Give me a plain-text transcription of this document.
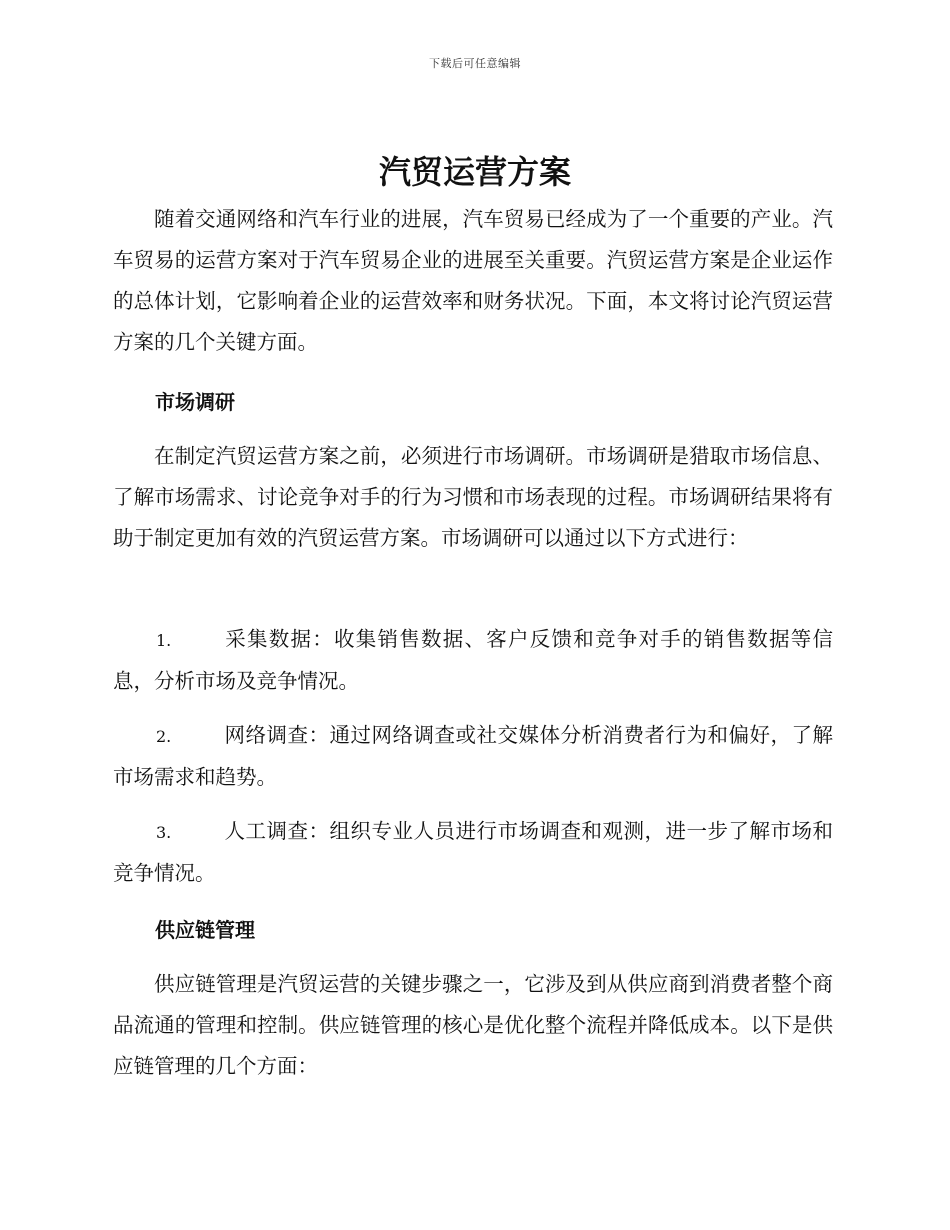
下载后可任意编辑
汽贸运营方案

随着交通网络和汽车行业的进展，汽车贸易已经成为了一个重要的产业。汽车贸易的运营方案对于汽车贸易企业的进展至关重要。汽贸运营方案是企业运作的总体计划，它影响着企业的运营效率和财务状况。下面，本文将讨论汽贸运营方案的几个关键方面。

市场调研

在制定汽贸运营方案之前，必须进行市场调研。市场调研是猎取市场信息、了解市场需求、讨论竞争对手的行为习惯和市场表现的过程。市场调研结果将有助于制定更加有效的汽贸运营方案。市场调研可以通过以下方式进行：

1.	采集数据：收集销售数据、客户反馈和竞争对手的销售数据等信息，分析市场及竞争情况。

2.	网络调查：通过网络调查或社交媒体分析消费者行为和偏好，了解市场需求和趋势。

3.	人工调查：组织专业人员进行市场调查和观测，进一步了解市场和竞争情况。

供应链管理

供应链管理是汽贸运营的关键步骤之一，它涉及到从供应商到消费者整个商品流通的管理和控制。供应链管理的核心是优化整个流程并降低成本。以下是供应链管理的几个方面：
